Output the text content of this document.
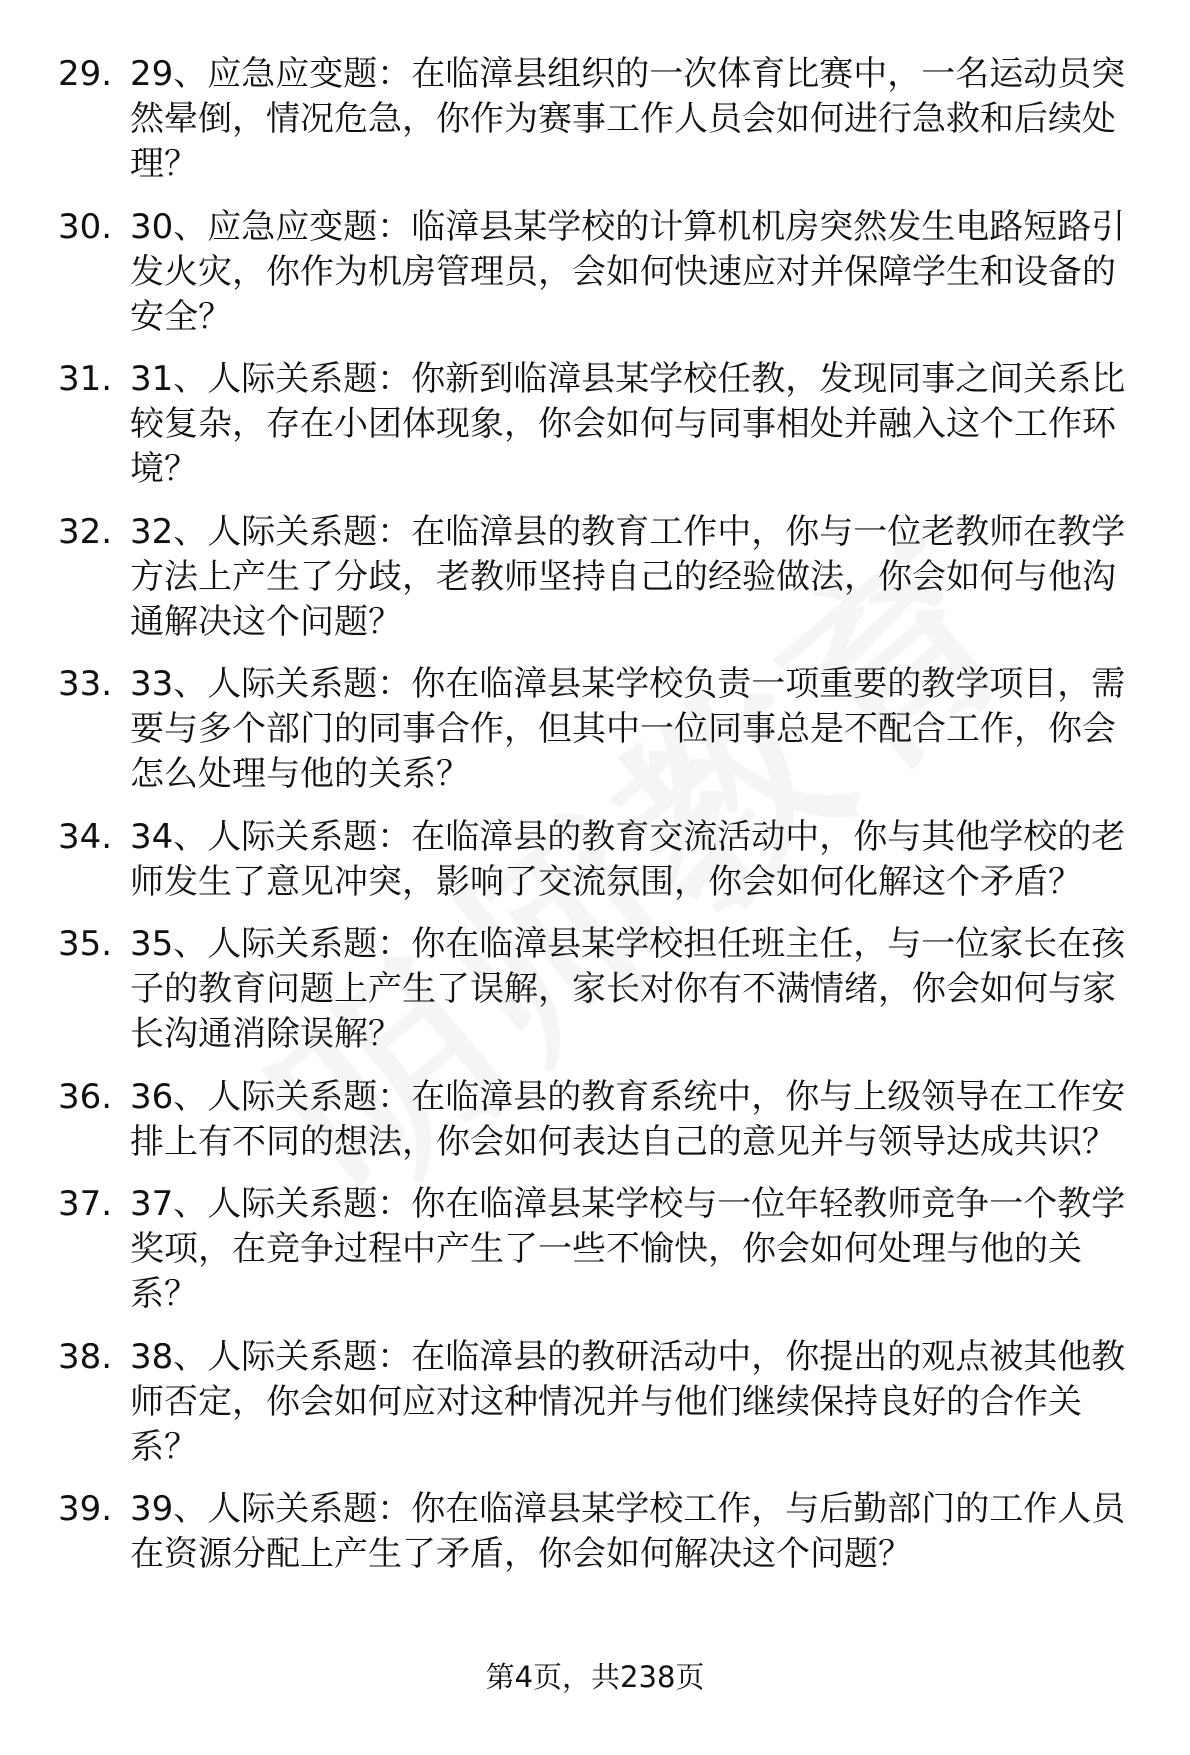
29. 29、应急应变题：在临漳县组织的一次体育比赛中，一名运动员突然晕倒，情况危急，你作为赛事工作人员会如何进行急救和后续处理？
30. 30、应急应变题：临漳县某学校的计算机机房突然发生电路短路引发火灾，你作为机房管理员，会如何快速应对并保障学生和设备的安全？
31. 31、人际关系题：你新到临漳县某学校任教，发现同事之间关系比较复杂，存在小团体现象，你会如何与同事相处并融入这个工作环境？
32. 32、人际关系题：在临漳县的教育工作中，你与一位老教师在教学方法上产生了分歧，老教师坚持自己的经验做法，你会如何与他沟通解决这个问题？
33. 33、人际关系题：你在临漳县某学校负责一项重要的教学项目，需要与多个部门的同事合作，但其中一位同事总是不配合工作，你会怎么处理与他的关系？
34. 34、人际关系题：在临漳县的教育交流活动中，你与其他学校的老师发生了意见冲突，影响了交流氛围，你会如何化解这个矛盾？
35. 35、人际关系题：你在临漳县某学校担任班主任，与一位家长在孩子的教育问题上产生了误解，家长对你有不满情绪，你会如何与家长沟通消除误解？
36. 36、人际关系题：在临漳县的教育系统中，你与上级领导在工作安排上有不同的想法，你会如何表达自己的意见并与领导达成共识？
37. 37、人际关系题：你在临漳县某学校与一位年轻教师竞争一个教学奖项，在竞争过程中产生了一些不愉快，你会如何处理与他的关系？
38. 38、人际关系题：在临漳县的教研活动中，你提出的观点被其他教师否定，你会如何应对这种情况并与他们继续保持良好的合作关系？
39. 39、人际关系题：你在临漳县某学校工作，与后勤部门的工作人员在资源分配上产生了矛盾，你会如何解决这个问题？
第4页，共238页
